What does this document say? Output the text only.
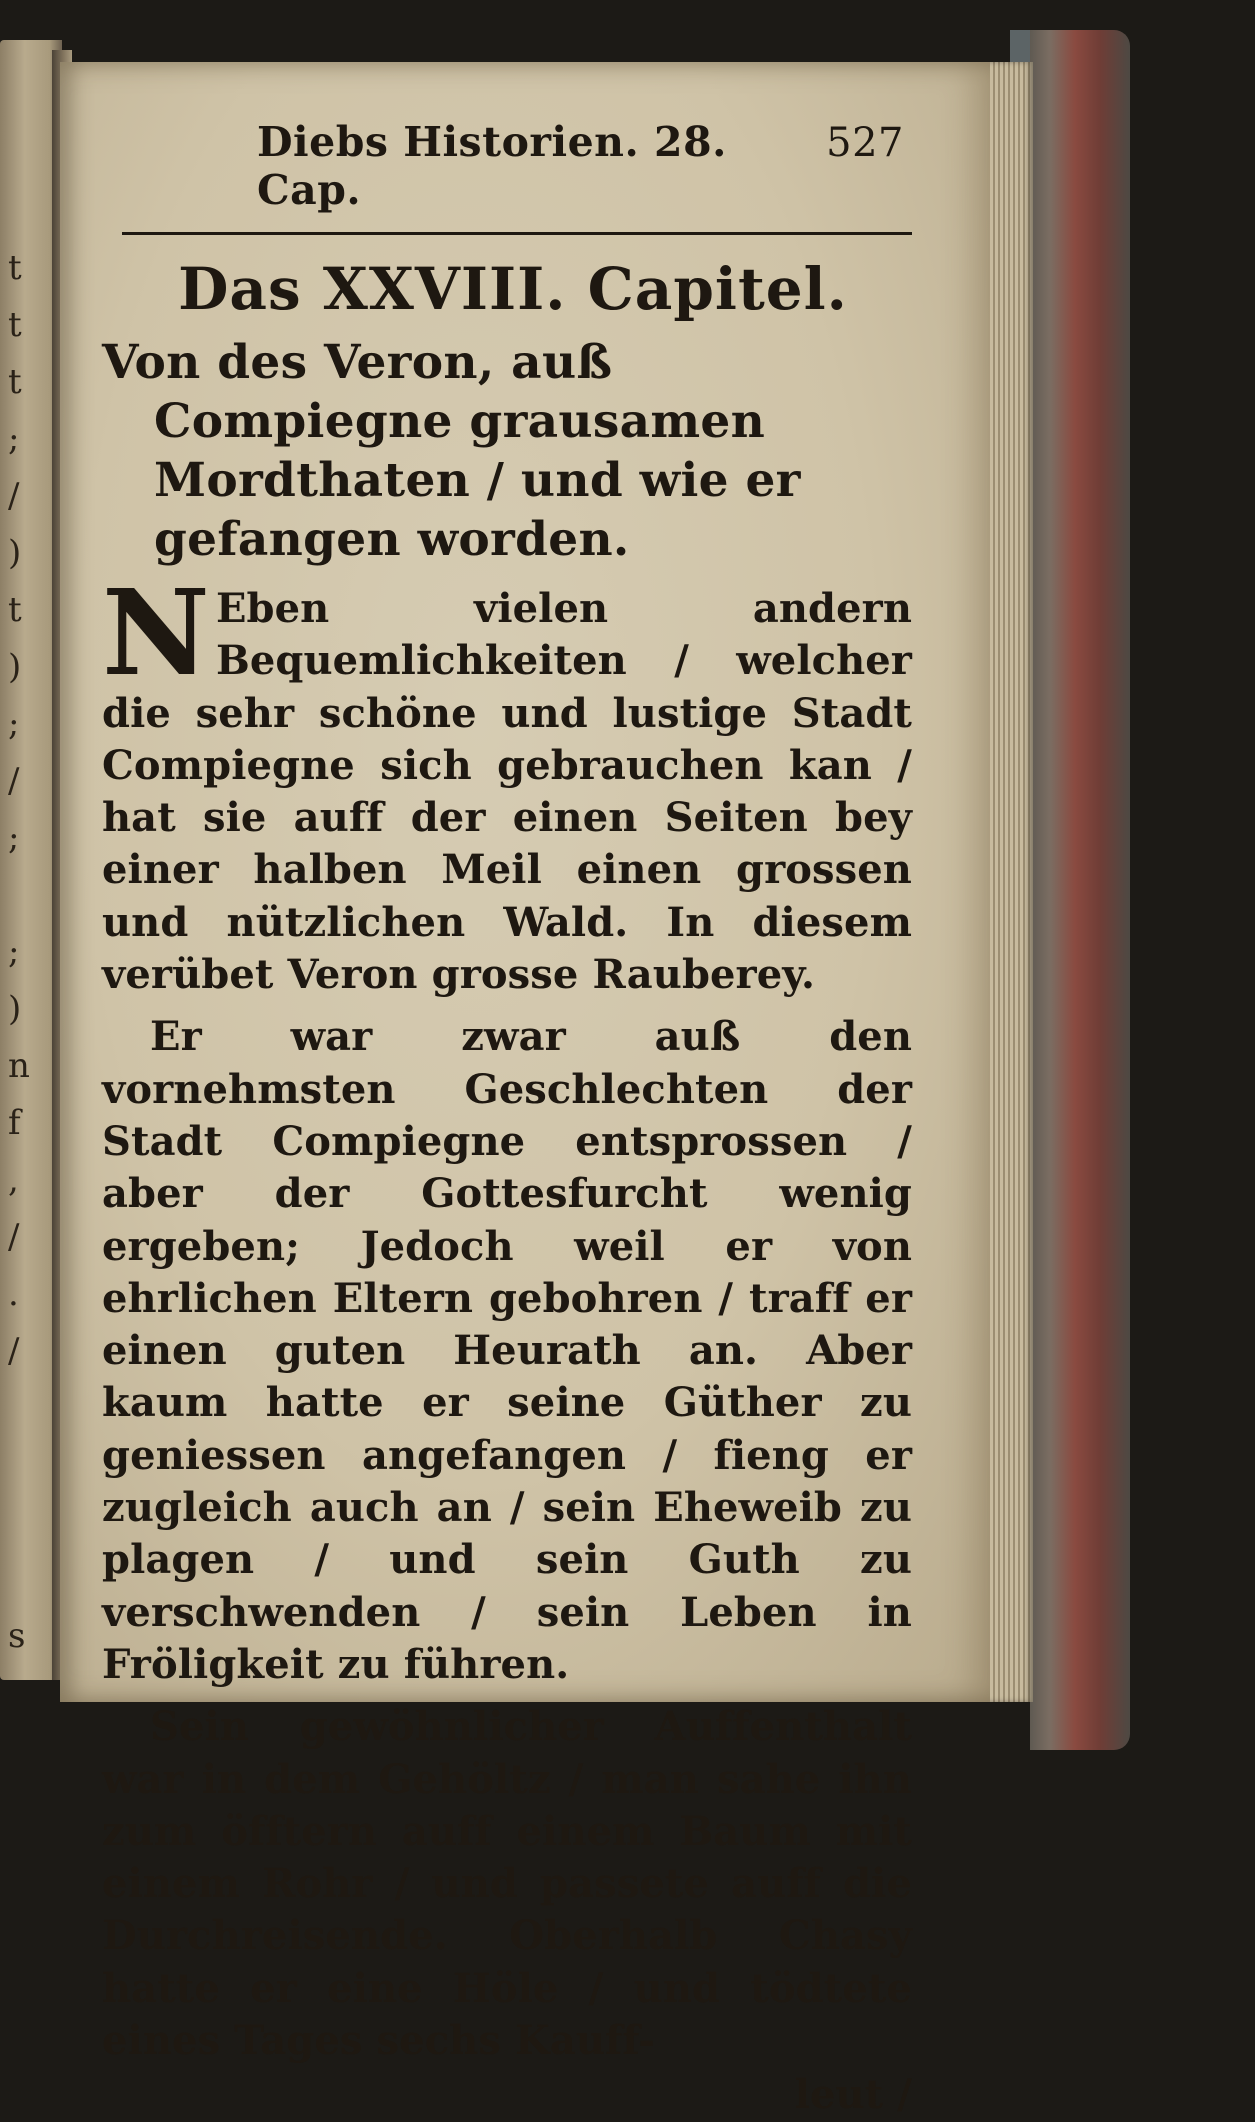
t
t
t
;
/
)
t
)
;
/
;

;
)
n
f
,
/
.
/

s
Diebs Historien. 28. Cap.
527
Das XXVIII. Capitel.
Von des Veron, auß Compiegne grausamen Mordthaten / und wie er gefangen worden.

N Eben vielen andern Bequemlichkeiten / welcher die sehr schöne und lustige Stadt Compiegne sich gebrauchen kan / hat sie auff der einen Seiten bey einer halben Meil einen grossen und nützlichen Wald. In diesem verübet Veron grosse Rauberey.

Er war zwar auß den vornehmsten Geschlechten der Stadt Compiegne entsprossen / aber der Gottesfurcht wenig ergeben; Jedoch weil er von ehrlichen Eltern gebohren / traff er einen guten Heurath an. Aber kaum hatte er seine Güther zu geniessen angefangen / fieng er zugleich auch an / sein Eheweib zu plagen / und sein Guth zu verschwenden / sein Leben in Fröligkeit zu führen.

Sein gewöhnlicher Auffenthalt war in dem Gehöltz / man sahe ihn zum öfftern auff einem Baum mit einem Rohr / und passete auff die Durchreisende. Oberhalb Chasy hatte er eine Höle / und tödtete eines Tages sechs Kauff-

leut /
